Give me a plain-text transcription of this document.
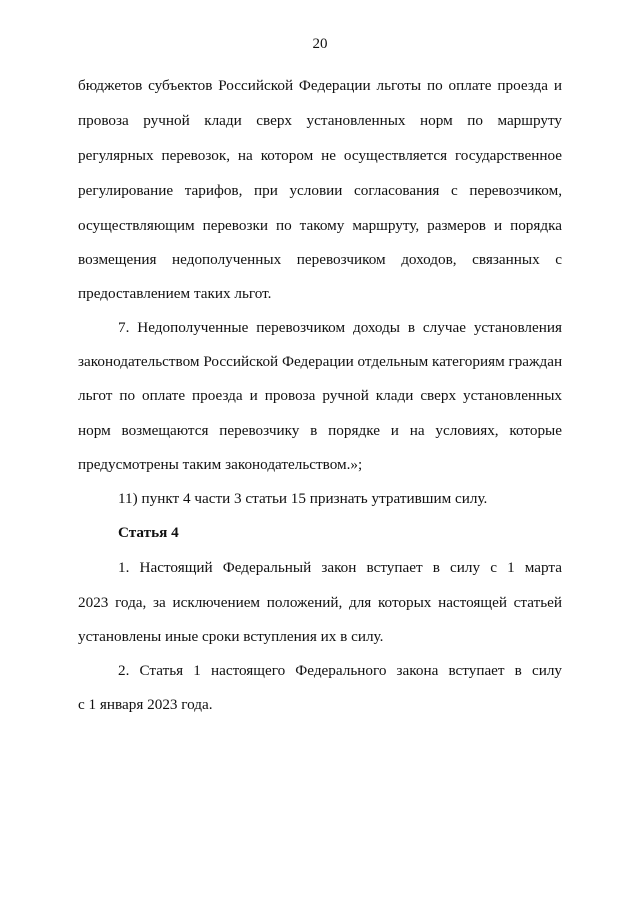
20
бюджетов субъектов Российской Федерации льготы по оплате проезда и
провоза ручной клади сверх установленных норм по маршруту
регулярных перевозок, на котором не осуществляется государственное
регулирование тарифов, при условии согласования с перевозчиком,
осуществляющим перевозки по такому маршруту, размеров и порядка
возмещения недополученных перевозчиком доходов, связанных с
предоставлением таких льгот.
7. Недополученные перевозчиком доходы в случае установления
законодательством Российской Федерации отдельным категориям граждан
льгот по оплате проезда и провоза ручной клади сверх установленных
норм возмещаются перевозчику в порядке и на условиях, которые
предусмотрены таким законодательством.»;
11) пункт 4 части 3 статьи 15 признать утратившим силу.
Статья 4
1. Настоящий Федеральный закон вступает в силу с 1 марта
2023 года, за исключением положений, для которых настоящей статьей
установлены иные сроки вступления их в силу.
2. Статья 1 настоящего Федерального закона вступает в силу
с 1 января 2023 года.
